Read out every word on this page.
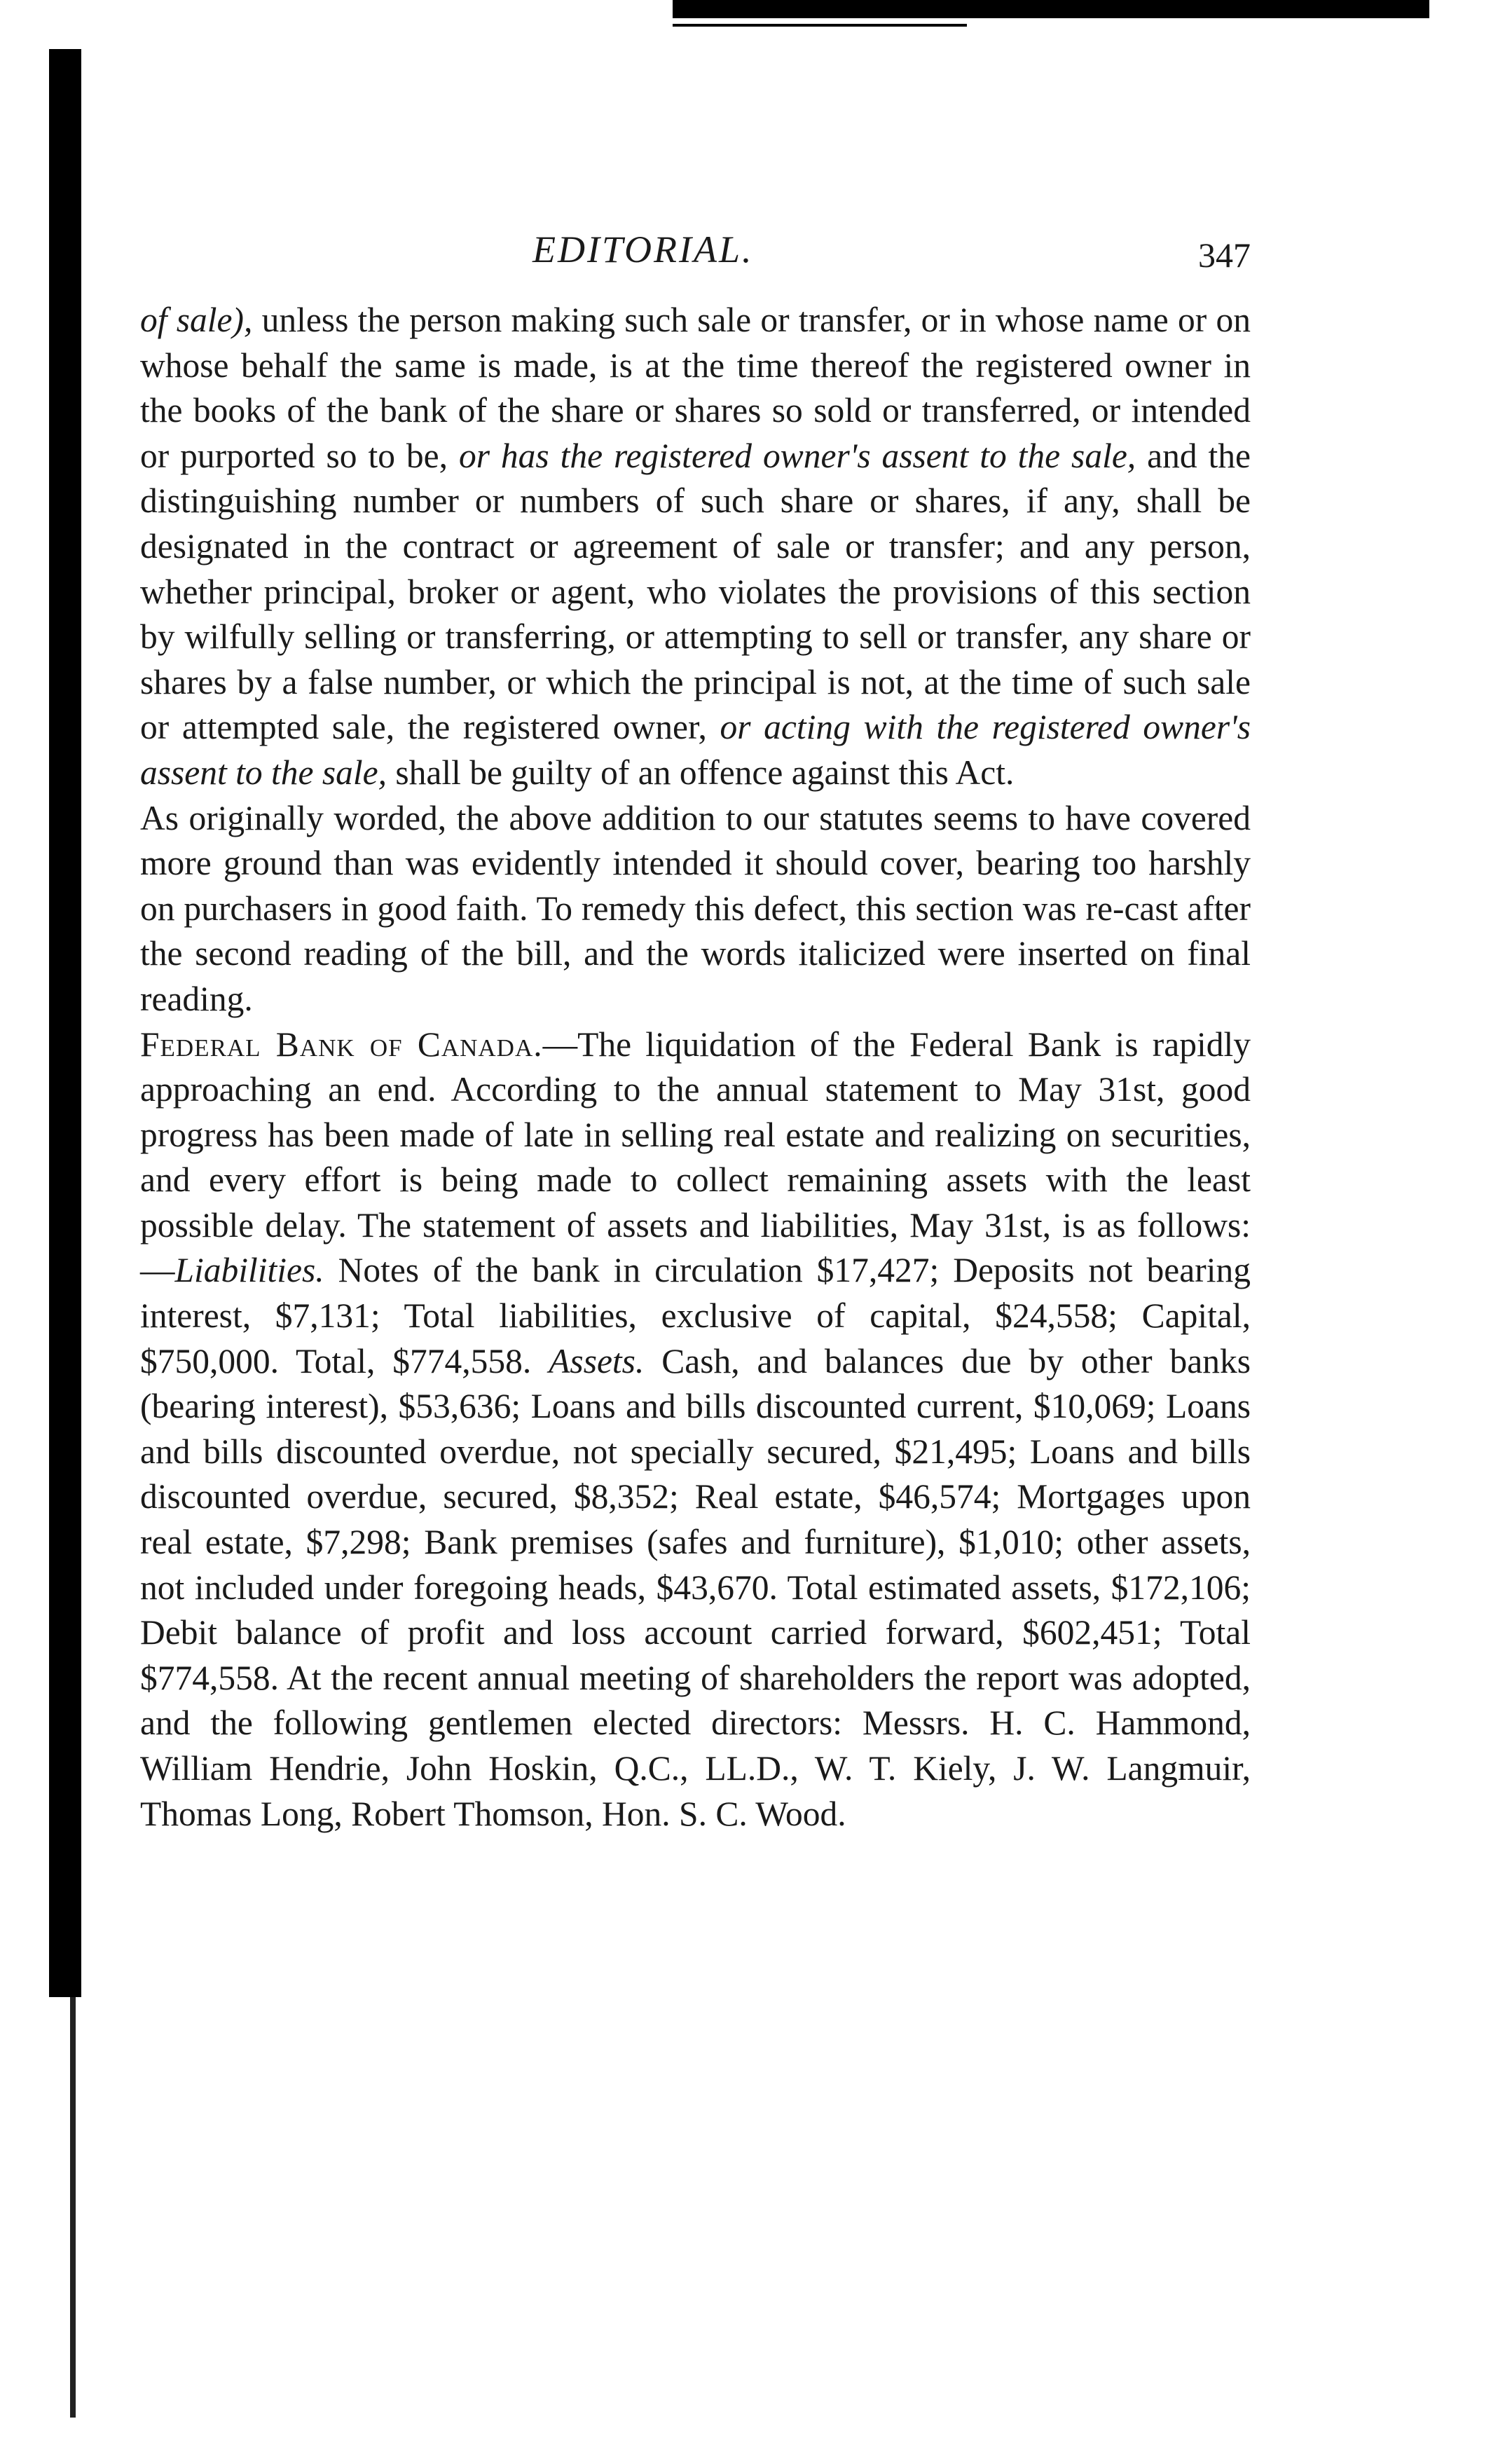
EDITORIAL.	347

of sale), unless the person making such sale or transfer, or in whose name or on whose behalf the same is made, is at the time thereof the registered owner in the books of the bank of the share or shares so sold or transferred, or intended or purported so to be, or has the registered owner's assent to the sale, and the distinguishing number or numbers of such share or shares, if any, shall be designated in the contract or agreement of sale or transfer; and any person, whether principal, broker or agent, who violates the provisions of this section by wilfully selling or transferring, or attempting to sell or transfer, any share or shares by a false number, or which the principal is not, at the time of such sale or attempted sale, the registered owner, or acting with the registered owner's assent to the sale, shall be guilty of an offence against this Act.

As originally worded, the above addition to our statutes seems to have covered more ground than was evidently intended it should cover, bearing too harshly on purchasers in good faith. To remedy this defect, this section was re-cast after the second reading of the bill, and the words italicized were inserted on final reading.

Federal Bank of Canada.—The liquidation of the Federal Bank is rapidly approaching an end. According to the annual statement to May 31st, good progress has been made of late in selling real estate and realizing on securities, and every effort is being made to collect remaining assets with the least possible delay. The statement of assets and liabilities, May 31st, is as follows:—Liabilities. Notes of the bank in circulation $17,427; Deposits not bearing interest, $7,131; Total liabilities, exclusive of capital, $24,558; Capital, $750,000. Total, $774,558. Assets. Cash, and balances due by other banks (bearing interest), $53,636; Loans and bills discounted current, $10,069; Loans and bills discounted overdue, not specially secured, $21,495; Loans and bills discounted overdue, secured, $8,352; Real estate, $46,574; Mortgages upon real estate, $7,298; Bank premises (safes and furniture), $1,010; other assets, not included under foregoing heads, $43,670. Total estimated assets, $172,106; Debit balance of profit and loss account carried forward, $602,451; Total $774,558. At the recent annual meeting of shareholders the report was adopted, and the following gentlemen elected directors: Messrs. H. C. Hammond, William Hendrie, John Hoskin, Q.C., LL.D., W. T. Kiely, J. W. Langmuir, Thomas Long, Robert Thomson, Hon. S. C. Wood.
